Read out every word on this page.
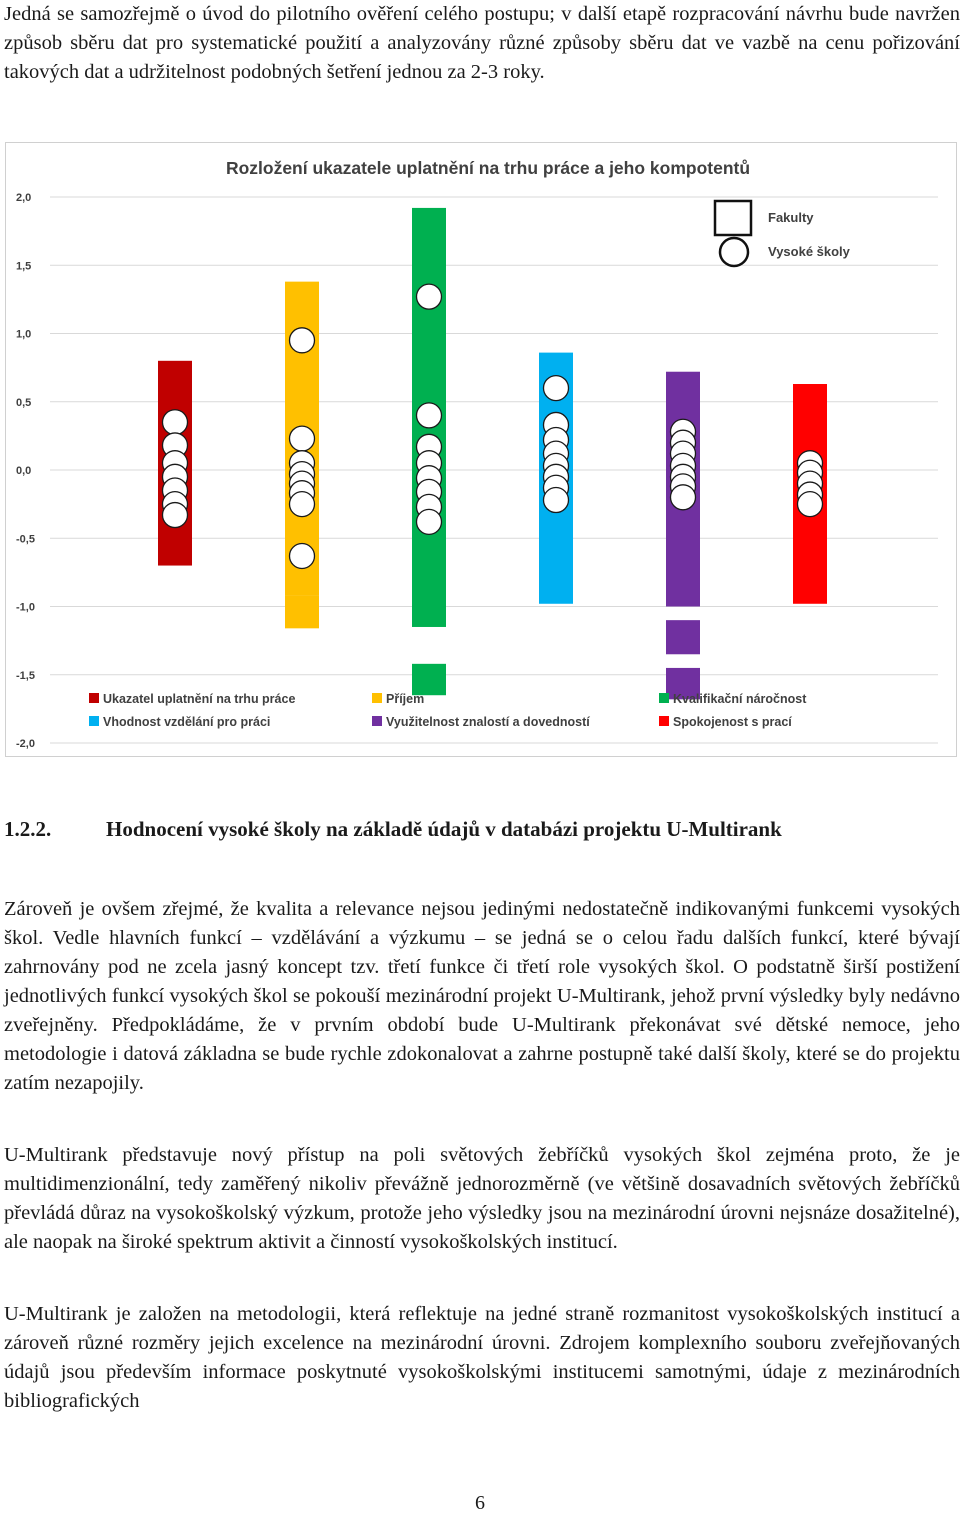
Jedná se samozřejmě o úvod do pilotního ověření celého postupu; v další etapě rozpracování návrhu bude navržen způsob sběru dat pro systematické použití a analyzovány různé způsoby sběru dat ve vazbě na cenu pořizování takových dat a udržitelnost podobných šetření jednou za 2-3 roky.

Rozložení ukazatele uplatnění na trhu práce a jeho kompotentů
2,0
1,5
1,0
0,5
0,0
-0,5
-1,0
-1,5
-2,0
Fakulty
Vysoké školy
Ukazatel uplatnění na trhu práce	Příjem	Kvalifikační náročnost
Vhodnost vzdělání pro práci	Využitelnost znalostí a dovedností	Spokojenost s prací
1.2.2.	Hodnocení vysoké školy na základě údajů v databázi projektu U-Multirank

Zároveň je ovšem zřejmé, že kvalita a relevance nejsou jedinými nedostatečně indikovanými funkcemi vysokých škol. Vedle hlavních funkcí – vzdělávání a výzkumu – se jedná se o celou řadu dalších funkcí, které bývají zahrnovány pod ne zcela jasný koncept tzv. třetí funkce či třetí role vysokých škol. O podstatně širší postižení jednotlivých funkcí vysokých škol se pokouší mezinárodní projekt U-Multirank, jehož první výsledky byly nedávno zveřejněny. Předpokládáme, že v prvním období bude U-Multirank překonávat své dětské nemoce, jeho metodologie i datová základna se bude rychle zdokonalovat a zahrne postupně také další školy, které se do projektu zatím nezapojily.

U-Multirank představuje nový přístup na poli světových žebříčků vysokých škol zejména proto, že je multidimenzionální, tedy zaměřený nikoliv převážně jednorozměrně (ve většině dosavadních světových žebříčků převládá důraz na vysokoškolský výzkum, protože jeho výsledky jsou na mezinárodní úrovni nejsnáze dosažitelné), ale naopak na široké spektrum aktivit a činností vysokoškolských institucí.

U-Multirank je založen na metodologii, která reflektuje na jedné straně rozmanitost vysokoškolských institucí a zároveň různé rozměry jejich excelence na mezinárodní úrovni. Zdrojem komplexního souboru zveřejňovaných údajů jsou především informace poskytnuté vysokoškolskými institucemi samotnými, údaje z mezinárodních bibliografických

6
